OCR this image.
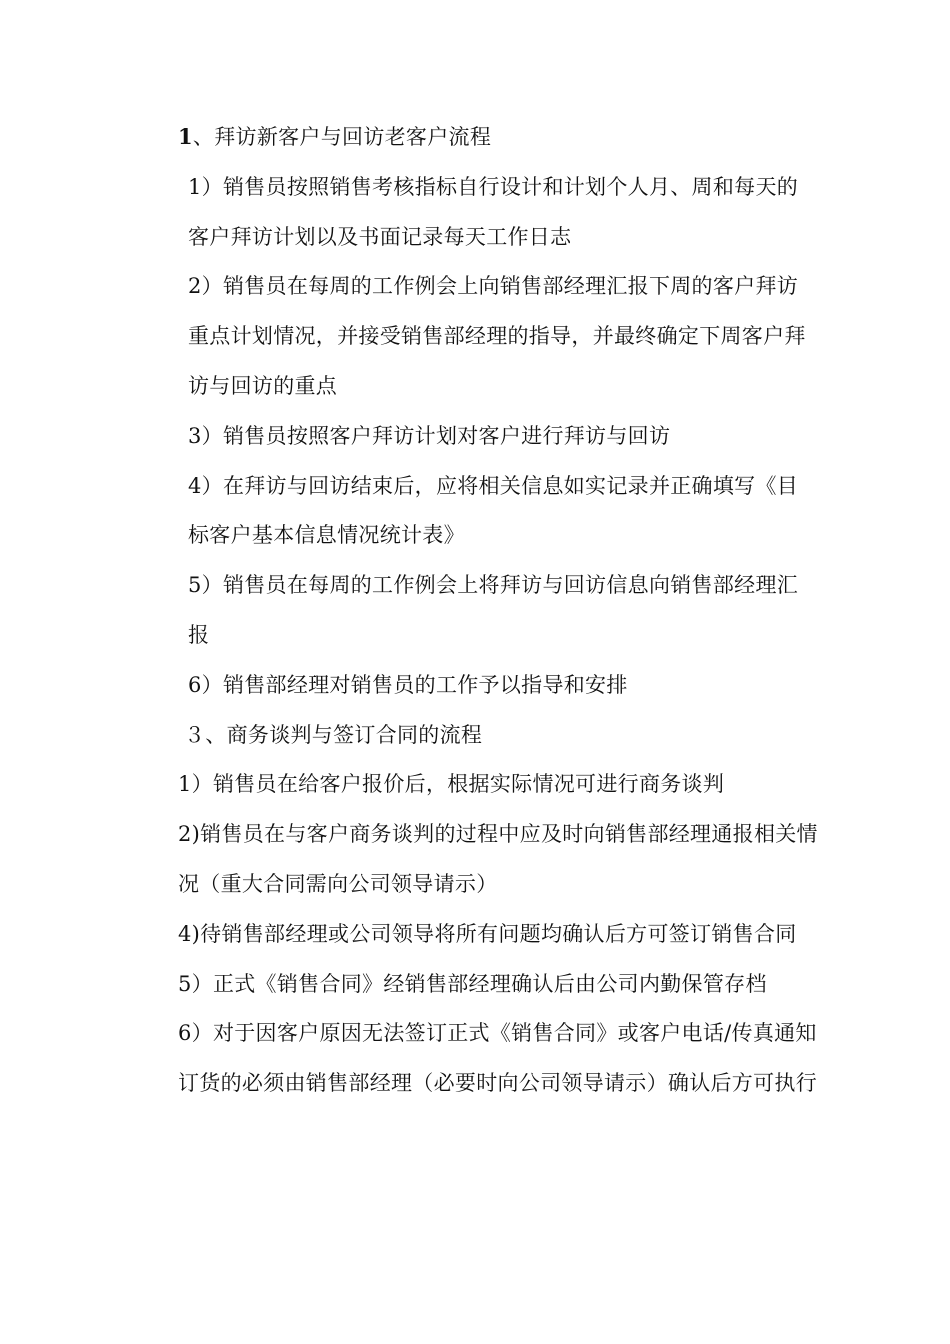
1、拜访新客户与回访老客户流程

1）销售员按照销售考核指标自行设计和计划个人月、周和每天的客户拜访计划以及书面记录每天工作日志

2）销售员在每周的工作例会上向销售部经理汇报下周的客户拜访重点计划情况，并接受销售部经理的指导，并最终确定下周客户拜访与回访的重点

3）销售员按照客户拜访计划对客户进行拜访与回访

4）在拜访与回访结束后，应将相关信息如实记录并正确填写《目标客户基本信息情况统计表》

5）销售员在每周的工作例会上将拜访与回访信息向销售部经理汇报

6）销售部经理对销售员的工作予以指导和安排

３、商务谈判与签订合同的流程

1）销售员在给客户报价后，根据实际情况可进行商务谈判

2)销售员在与客户商务谈判的过程中应及时向销售部经理通报相关情况（重大合同需向公司领导请示）

4)待销售部经理或公司领导将所有问题均确认后方可签订销售合同

5）正式《销售合同》经销售部经理确认后由公司内勤保管存档

6）对于因客户原因无法签订正式《销售合同》或客户电话/传真通知订货的必须由销售部经理（必要时向公司领导请示）确认后方可执行
